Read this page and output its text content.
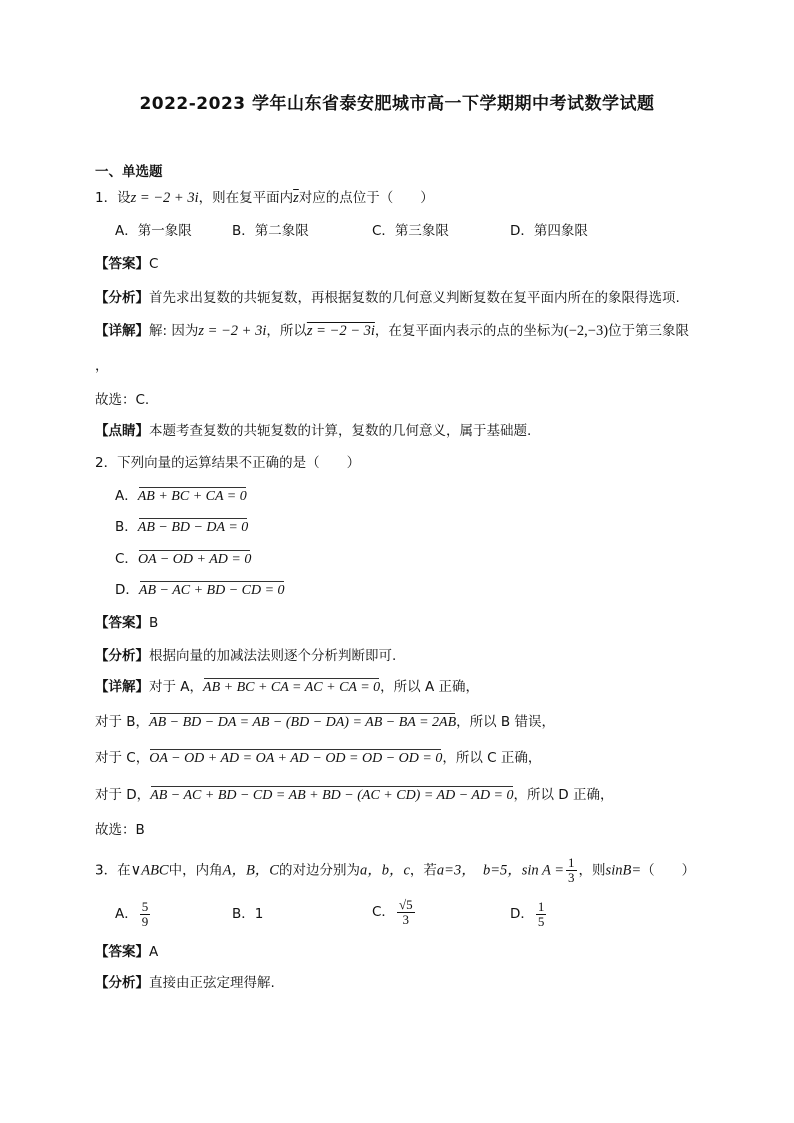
2022-2023 学年山东省泰安肥城市高一下学期期中考试数学试题
一、单选题
1．设z = −2 + 3i，则在复平面内$\overline{z}$对应的点位于（　　）
A．第一象限	B．第二象限	C．第三象限	D．第四象限
【答案】C
【分析】首先求出复数的共轭复数，再根据复数的几何意义判断复数在复平面内所在的象限得选项.
【详解】解: 因为z = −2 + 3i，所以z = −2 − 3i，在复平面内表示的点的坐标为(−2,−3)位于第三象限
，
故选：C.
【点睛】本题考查复数的共轭复数的计算，复数的几何意义，属于基础题.
2．下列向量的运算结果不正确的是（　　）
A．AB + BC + CA = 0
B．AB − BD − DA = 0
C．OA − OD + AD = 0
D．AB − AC + BD − CD = 0
【答案】B
【分析】根据向量的加减法法则逐个分析判断即可.
【详解】对于 A，AB + BC + CA = AC + CA = 0，所以 A 正确，
对于 B，AB − BD − DA = AB − (BD − DA) = AB − BA = 2AB，所以 B 错误，
对于 C，OA − OD + AD = OA + AD − OD = OD − OD = 0，所以 C 正确，
对于 D，AB − AC + BD − CD = AB + BD − (AC + CD) = AD − AD = 0，所以 D 正确，
故选：B
3．在∨ABC中，内角A，B，C的对边分别为a，b，c，若a=3，　b=5，$\sin A = \frac{1}{3}$ ，则sinB=（　　）
A． $\frac{5}{9}$	B．1	C． $\frac{√5}{3}$	D． $\frac{1}{5}$
【答案】A
【分析】直接由正弦定理得解.
